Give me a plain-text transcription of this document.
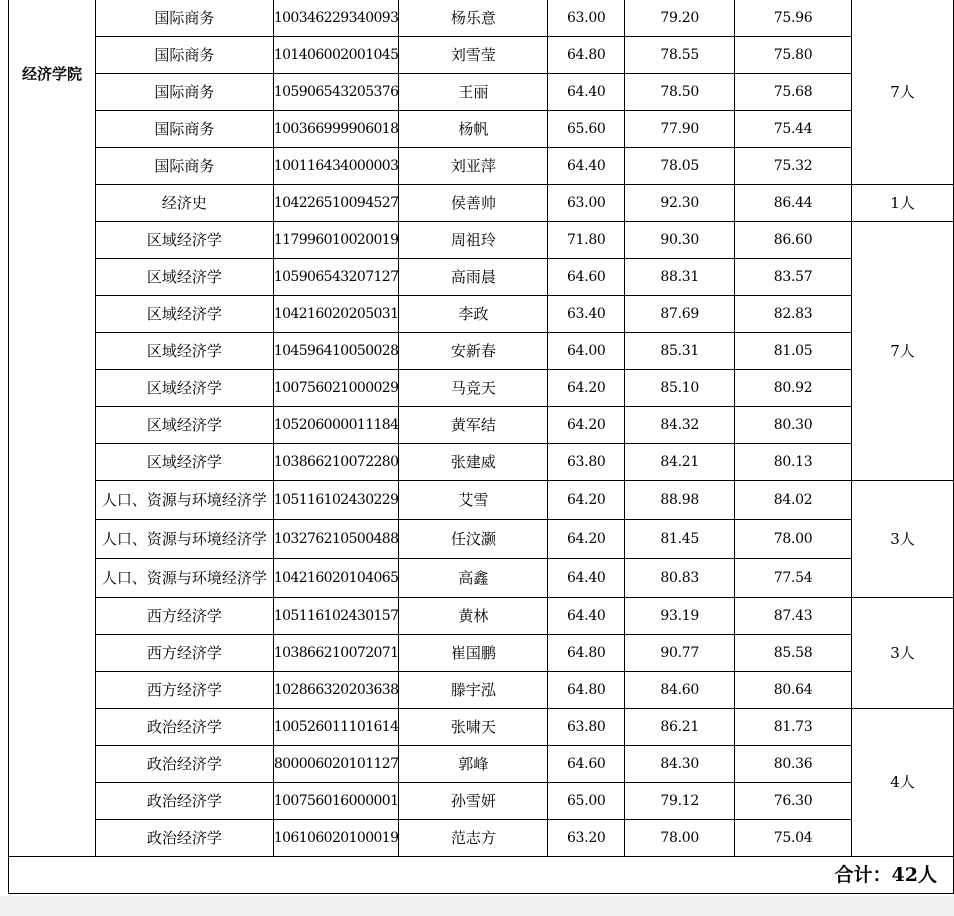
经济学院	国际商务	100346229340093	杨乐意	63.00	79.20	75.96	7人
	国际商务	101406002001045	刘雪莹	64.80	78.55	75.80	
	国际商务	105906543205376	王丽	64.40	78.50	75.68	
	国际商务	100366999906018	杨帆	65.60	77.90	75.44	
	国际商务	100116434000003	刘亚萍	64.40	78.05	75.32	
	经济史	104226510094527	侯善帅	63.00	92.30	86.44	1人
	区域经济学	117996010020019	周祖玲	71.80	90.30	86.60	7人
	区域经济学	105906543207127	高雨晨	64.60	88.31	83.57	
	区域经济学	104216020205031	李政	63.40	87.69	82.83	
	区域经济学	104596410050028	安新春	64.00	85.31	81.05	
	区域经济学	100756021000029	马竞天	64.20	85.10	80.92	
	区域经济学	105206000011184	黄军结	64.20	84.32	80.30	
	区域经济学	103866210072280	张建威	63.80	84.21	80.13	
	人口、资源与环境经济学	105116102430229	艾雪	64.20	88.98	84.02	3人
	人口、资源与环境经济学	103276210500488	任汶灏	64.20	81.45	78.00	
	人口、资源与环境经济学	104216020104065	高鑫	64.40	80.83	77.54	
	西方经济学	105116102430157	黄林	64.40	93.19	87.43	3人
	西方经济学	103866210072071	崔国鹏	64.80	90.77	85.58	
	西方经济学	102866320203638	滕宇泓	64.80	84.60	80.64	
	政治经济学	100526011101614	张啸天	63.80	86.21	81.73	4人
	政治经济学	800006020101127	郭峰	64.60	84.30	80.36	
	政治经济学	100756016000001	孙雪妍	65.00	79.12	76.30	
	政治经济学	106106020100019	范志方	63.20	78.00	75.04	
合计：42人							
